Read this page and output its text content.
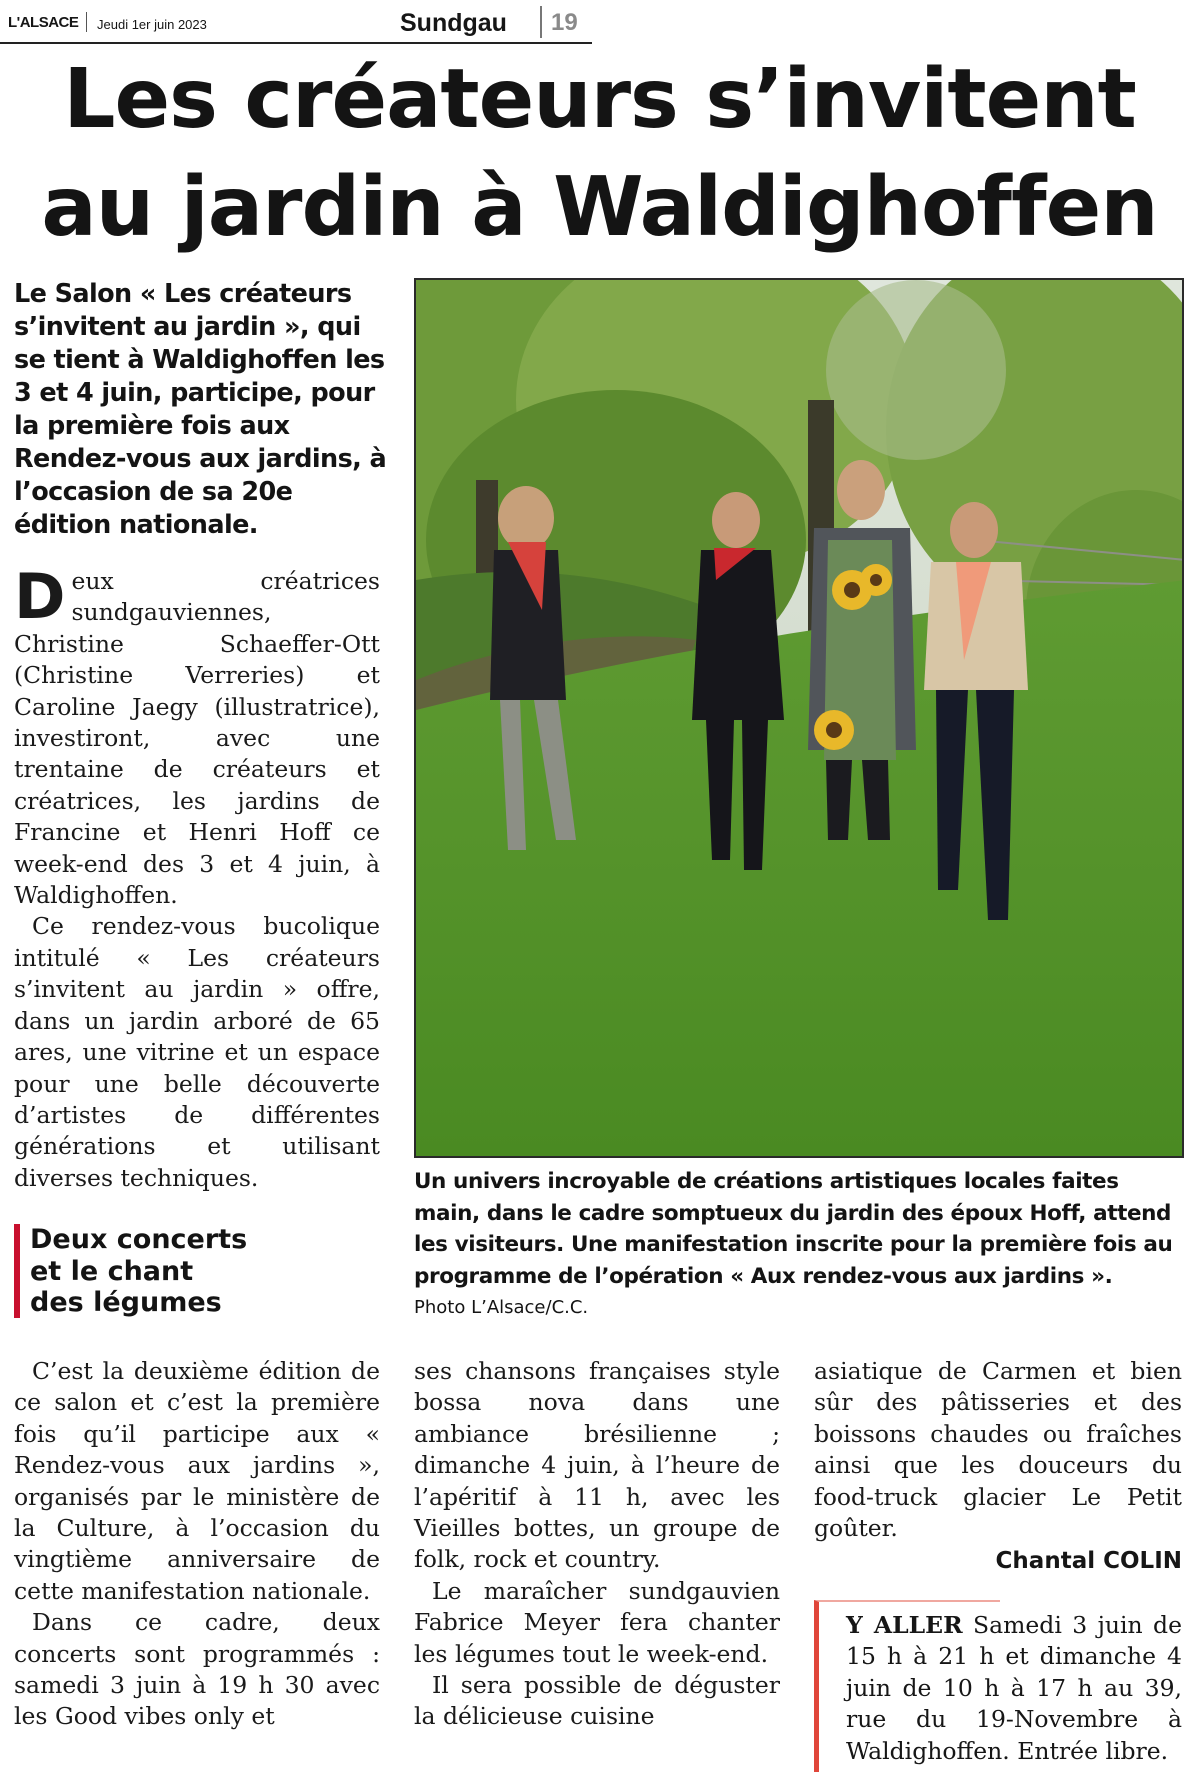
L'ALSACE Jeudi 1er juin 2023	Sundgau 19
Les créateurs s’invitent
au jardin à Waldighoffen
Le Salon « Les créateurs s’invitent au jardin », qui se tient à Waldighoffen les 3 et 4 juin, participe, pour la première fois aux Rendez-vous aux jardins, à l’occasion de sa 20e édition nationale.

Deux créatrices sundgauviennes, Christine Schaeffer-Ott (Christine Verreries) et Caroline Jaegy (illustratrice), investiront, avec une trentaine de créateurs et créatrices, les jardins de Francine et Henri Hoff ce week-end des 3 et 4 juin, à Waldighoffen.

Ce rendez-vous bucolique intitulé « Les créateurs s’invitent au jardin » offre, dans un jardin arboré de 65 ares, une vitrine et un espace pour une belle découverte d’artistes de différentes générations et utilisant diverses techniques.

Deux concerts
et le chant
des légumes

C’est la deuxième édition de ce salon et c’est la première fois qu’il participe aux « Rendez-vous aux jardins », organisés par le ministère de la Culture, à l’occasion du vingtième anniversaire de cette manifestation nationale.

Dans ce cadre, deux concerts sont programmés : samedi 3 juin à 19 h 30 avec les Good vibes only et

ses chansons françaises style bossa nova dans une ambiance brésilienne ; dimanche 4 juin, à l’heure de l’apéritif à 11 h, avec les Vieilles bottes, un groupe de folk, rock et country.

Le maraîcher sundgauvien Fabrice Meyer fera chanter les légumes tout le week-end.

Il sera possible de déguster la délicieuse cuisine

asiatique de Carmen et bien sûr des pâtisseries et des boissons chaudes ou fraîches ainsi que les douceurs du food-truck glacier Le Petit goûter.

Chantal COLIN
Y ALLER Samedi 3 juin de 15 h à 21 h et dimanche 4 juin de 10 h à 17 h au 39, rue du 19-Novembre à Waldighoffen. Entrée libre.
Un univers incroyable de créations artistiques locales faites main, dans le cadre somptueux du jardin des époux Hoff, attend les visiteurs. Une manifestation inscrite pour la première fois au programme de l’opération « Aux rendez-vous aux jardins ».
Photo L’Alsace/C.C.
